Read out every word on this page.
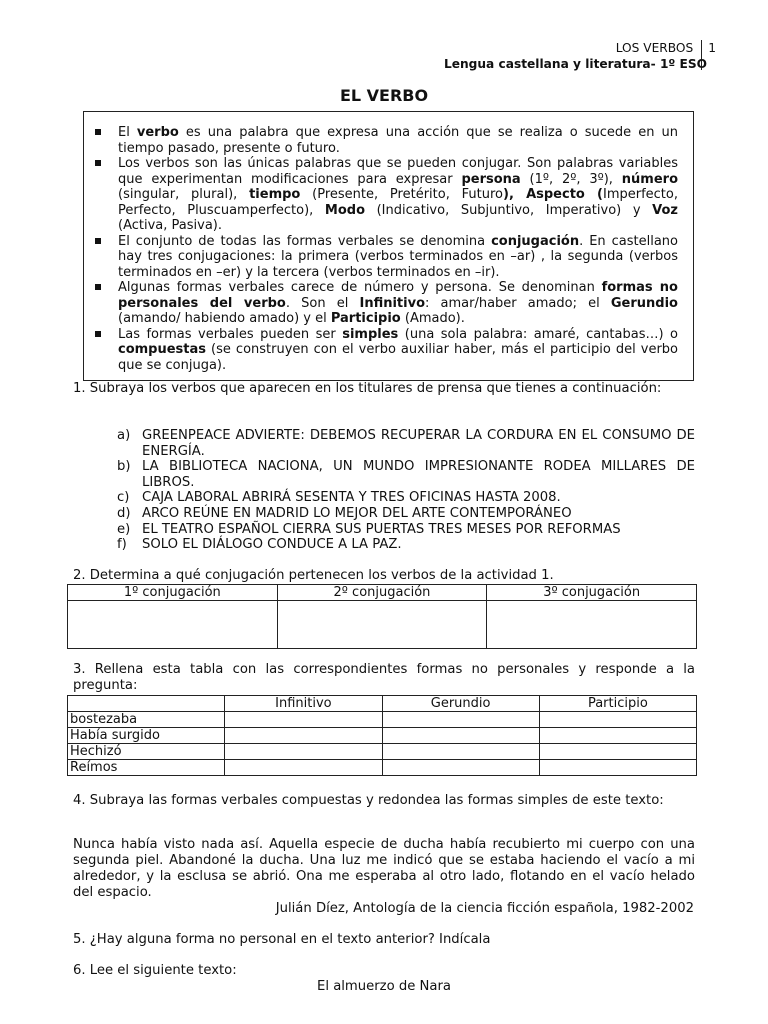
LOS VERBOS	1
Lengua castellana y literatura- 1º ESO
EL VERBO
El verbo es una palabra que expresa una acción que se realiza o sucede en un tiempo pasado, presente o futuro.
Los verbos son las únicas palabras que se pueden conjugar. Son palabras variables que experimentan modificaciones para expresar persona (1º, 2º, 3º), número (singular, plural), tiempo (Presente, Pretérito, Futuro), Aspecto (Imperfecto, Perfecto, Pluscuamperfecto), Modo (Indicativo, Subjuntivo, Imperativo) y Voz (Activa, Pasiva).
El conjunto de todas las formas verbales se denomina conjugación. En castellano hay tres conjugaciones: la primera (verbos terminados en –ar) , la segunda (verbos terminados en –er) y la tercera (verbos terminados en –ir).
Algunas formas verbales carece de número y persona. Se denominan formas no personales del verbo. Son el Infinitivo: amar/haber amado; el Gerundio (amando/ habiendo amado) y el Participio (Amado).
Las formas verbales pueden ser simples (una sola palabra: amaré, cantabas…) o compuestas (se construyen con el verbo auxiliar haber, más el participio del verbo que se conjuga).
1. Subraya los verbos que aparecen en los titulares de prensa que tienes a continuación:
a) GREENPEACE ADVIERTE: DEBEMOS RECUPERAR LA CORDURA EN EL CONSUMO DE ENERGÍA.
b) LA BIBLIOTECA NACIONA, UN MUNDO IMPRESIONANTE RODEA MILLARES DE LIBROS.
c) CAJA LABORAL ABRIRÁ SESENTA Y TRES OFICINAS HASTA 2008.
d) ARCO REÚNE EN MADRID LO MEJOR DEL ARTE CONTEMPORÁNEO
e) EL TEATRO ESPAÑOL CIERRA SUS PUERTAS TRES MESES POR REFORMAS
f) SOLO EL DIÁLOGO CONDUCE A LA PAZ.
2. Determina a qué conjugación pertenecen los verbos de la actividad 1.
1º conjugación	2º conjugación	3º conjugación

3. Rellena esta tabla con las correspondientes formas no personales y responde a la pregunta:
	Infinitivo	Gerundio	Participio
bostezaba			
Había surgido			
Hechizó			
Reímos			
4. Subraya las formas verbales compuestas y redondea las formas simples de este texto:
Nunca había visto nada así. Aquella especie de ducha había recubierto mi cuerpo con una segunda piel. Abandoné la ducha. Una luz me indicó que se estaba haciendo el vacío a mi alrededor, y la esclusa se abrió. Ona me esperaba al otro lado, flotando en el vacío helado del espacio.
Julián Díez, Antología de la ciencia ficción española, 1982-2002
5. ¿Hay alguna forma no personal en el texto anterior? Indícala
6. Lee el siguiente texto:
El almuerzo de Nara
